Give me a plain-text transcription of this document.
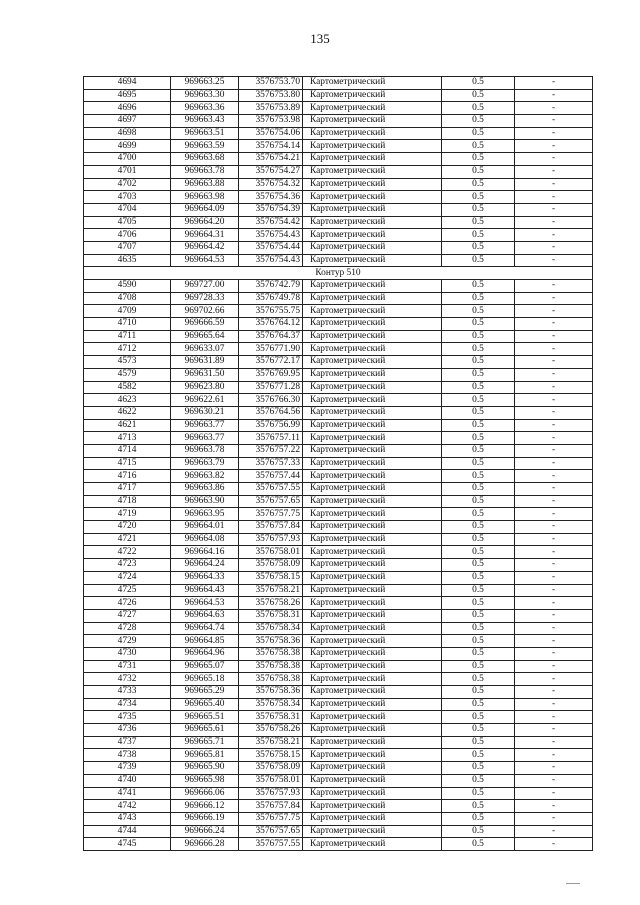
135
4694	969663.25	3576753.70	Картометрический	0.5	-
4695	969663.30	3576753.80	Картометрический	0.5	-
4696	969663.36	3576753.89	Картометрический	0.5	-
4697	969663.43	3576753.98	Картометрический	0.5	-
4698	969663.51	3576754.06	Картометрический	0.5	-
4699	969663.59	3576754.14	Картометрический	0.5	-
4700	969663.68	3576754.21	Картометрический	0.5	-
4701	969663.78	3576754.27	Картометрический	0.5	-
4702	969663.88	3576754.32	Картометрический	0.5	-
4703	969663.98	3576754.36	Картометрический	0.5	-
4704	969664.09	3576754.39	Картометрический	0.5	-
4705	969664.20	3576754.42	Картометрический	0.5	-
4706	969664.31	3576754.43	Картометрический	0.5	-
4707	969664.42	3576754.44	Картометрический	0.5	-
4635	969664.53	3576754.43	Картометрический	0.5	-
Контур 510					
4590	969727.00	3576742.79	Картометрический	0.5	-
4708	969728.33	3576749.78	Картометрический	0.5	-
4709	969702.66	3576755.75	Картометрический	0.5	-
4710	969666.59	3576764.12	Картометрический	0.5	-
4711	969665.64	3576764.37	Картометрический	0.5	-
4712	969633.07	3576771.90	Картометрический	0.5	-
4573	969631.89	3576772.17	Картометрический	0.5	-
4579	969631.50	3576769.95	Картометрический	0.5	-
4582	969623.80	3576771.28	Картометрический	0.5	-
4623	969622.61	3576766.30	Картометрический	0.5	-
4622	969630.21	3576764.56	Картометрический	0.5	-
4621	969663.77	3576756.99	Картометрический	0.5	-
4713	969663.77	3576757.11	Картометрический	0.5	-
4714	969663.78	3576757.22	Картометрический	0.5	-
4715	969663.79	3576757.33	Картометрический	0.5	-
4716	969663.82	3576757.44	Картометрический	0.5	-
4717	969663.86	3576757.55	Картометрический	0.5	-
4718	969663.90	3576757.65	Картометрический	0.5	-
4719	969663.95	3576757.75	Картометрический	0.5	-
4720	969664.01	3576757.84	Картометрический	0.5	-
4721	969664.08	3576757.93	Картометрический	0.5	-
4722	969664.16	3576758.01	Картометрический	0.5	-
4723	969664.24	3576758.09	Картометрический	0.5	-
4724	969664.33	3576758.15	Картометрический	0.5	-
4725	969664.43	3576758.21	Картометрический	0.5	-
4726	969664.53	3576758.26	Картометрический	0.5	-
4727	969664.63	3576758.31	Картометрический	0.5	-
4728	969664.74	3576758.34	Картометрический	0.5	-
4729	969664.85	3576758.36	Картометрический	0.5	-
4730	969664.96	3576758.38	Картометрический	0.5	-
4731	969665.07	3576758.38	Картометрический	0.5	-
4732	969665.18	3576758.38	Картометрический	0.5	-
4733	969665.29	3576758.36	Картометрический	0.5	-
4734	969665.40	3576758.34	Картометрический	0.5	-
4735	969665.51	3576758.31	Картометрический	0.5	-
4736	969665.61	3576758.26	Картометрический	0.5	-
4737	969665.71	3576758.21	Картометрический	0.5	-
4738	969665.81	3576758.15	Картометрический	0.5	-
4739	969665.90	3576758.09	Картометрический	0.5	-
4740	969665.98	3576758.01	Картометрический	0.5	-
4741	969666.06	3576757.93	Картометрический	0.5	-
4742	969666.12	3576757.84	Картометрический	0.5	-
4743	969666.19	3576757.75	Картометрический	0.5	-
4744	969666.24	3576757.65	Картометрический	0.5	-
4745	969666.28	3576757.55	Картометрический	0.5	-
